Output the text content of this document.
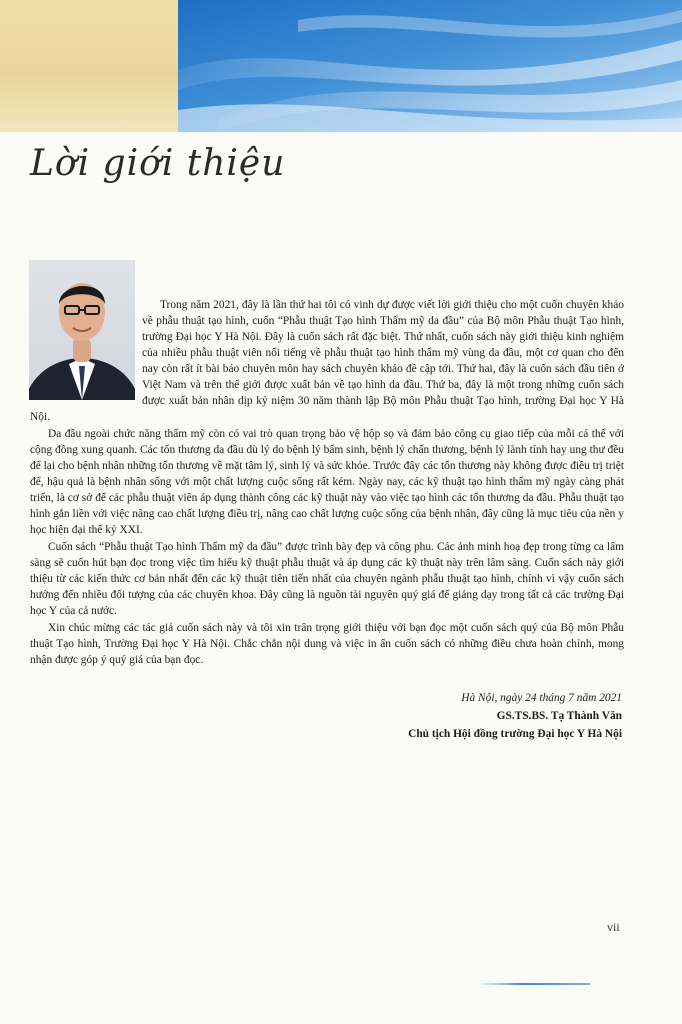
Lời giới thiệu

Trong năm 2021, đây là lần thứ hai tôi có vinh dự được viết lời giới thiệu cho một cuốn chuyên khảo về phẫu thuật tạo hình, cuốn “Phẫu thuật Tạo hình Thẩm mỹ da đầu” của Bộ môn Phẫu thuật Tạo hình, trường Đại học Y Hà Nội. Đây là cuốn sách rất đặc biệt. Thứ nhất, cuốn sách này giới thiệu kinh nghiệm của nhiều phẫu thuật viên nổi tiếng về phẫu thuật tạo hình thẩm mỹ vùng da đầu, một cơ quan cho đến nay còn rất ít bài báo chuyên môn hay sách chuyên khảo đề cập tới. Thứ hai, đây là cuốn sách đầu tiên ở Việt Nam và trên thế giới được xuất bản về tạo hình da đầu. Thứ ba, đây là một trong những cuốn sách được xuất bản nhân dịp kỷ niệm 30 năm thành lập Bộ môn Phẫu thuật Tạo hình, trường Đại học Y Hà Nội.

Da đầu ngoài chức năng thẩm mỹ còn có vai trò quan trọng bảo vệ hộp sọ và đảm bảo công cụ giao tiếp của mỗi cá thể với cộng đồng xung quanh. Các tổn thương da đầu dù lý do bệnh lý bẩm sinh, bệnh lý chấn thương, bệnh lý lành tính hay ung thư đều để lại cho bệnh nhân những tổn thương về mặt tâm lý, sinh lý và sức khỏe. Trước đây các tổn thương này không được điều trị triệt để, hậu quả là bệnh nhân sống với một chất lượng cuộc sống rất kém. Ngày nay, các kỹ thuật tạo hình thẩm mỹ ngày càng phát triển, là cơ sở để các phẫu thuật viên áp dụng thành công các kỹ thuật này vào việc tạo hình các tổn thương da đầu. Phẫu thuật tạo hình gắn liền với việc nâng cao chất lượng điều trị, nâng cao chất lượng cuộc sống của bệnh nhân, đây cũng là mục tiêu của nền y học hiện đại thế kỷ XXI.

Cuốn sách “Phẫu thuật Tạo hình Thẩm mỹ da đầu” được trình bày đẹp và công phu. Các ảnh minh hoạ đẹp trong từng ca lâm sàng sẽ cuốn hút bạn đọc trong việc tìm hiểu kỹ thuật phẫu thuật và áp dụng các kỹ thuật này trên lâm sàng. Cuốn sách này giới thiệu từ các kiến thức cơ bản nhất đến các kỹ thuật tiên tiến nhất của chuyên ngành phẫu thuật tạo hình, chính vì vậy cuốn sách hướng đến nhiều đối tượng của các chuyên khoa. Đây cũng là nguồn tài nguyên quý giá để giảng dạy trong tất cả các trường Đại học Y của cả nước.

Xin chúc mừng các tác giả cuốn sách này và tôi xin trân trọng giới thiệu với bạn đọc một cuốn sách quý của Bộ môn Phẫu thuật Tạo hình, Trường Đại học Y Hà Nội. Chắc chắn nội dung và việc in ấn cuốn sách có những điều chưa hoàn chỉnh, mong nhận được góp ý quý giá của bạn đọc.

Hà Nội, ngày 24 tháng 7 năm 2021
GS.TS.BS. Tạ Thành Văn
Chủ tịch Hội đồng trường Đại học Y Hà Nội
vii
